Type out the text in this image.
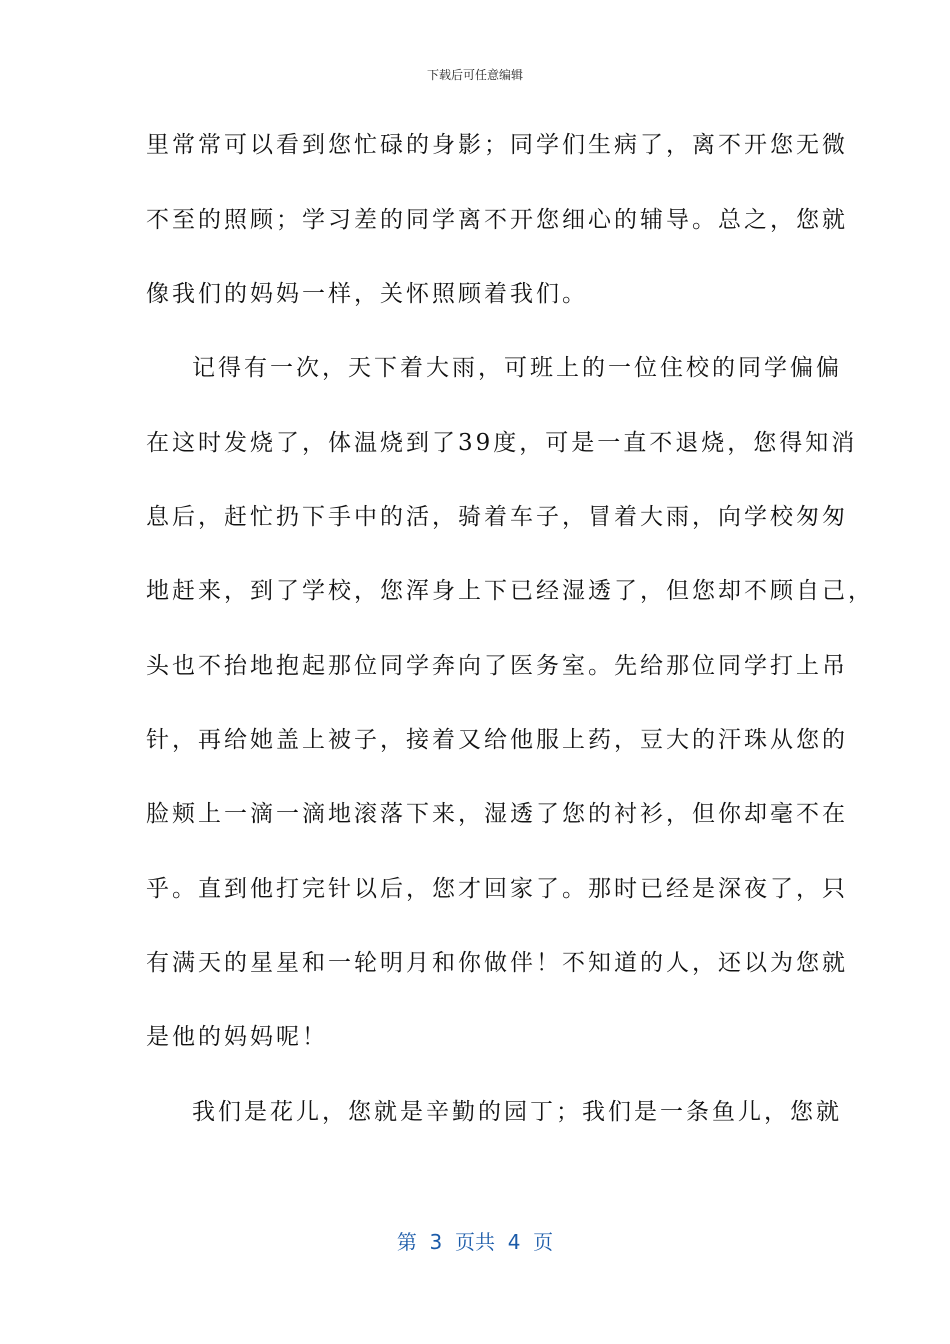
下载后可任意编辑
里常常可以看到您忙碌的身影；同学们生病了，离不开您无微
不至的照顾；学习差的同学离不开您细心的辅导。总之，您就
像我们的妈妈一样，关怀照顾着我们。
记得有一次，天下着大雨，可班上的一位住校的同学偏偏
在这时发烧了，体温烧到了39度，可是一直不退烧，您得知消
息后，赶忙扔下手中的活，骑着车子，冒着大雨，向学校匆匆
地赶来，到了学校，您浑身上下已经湿透了，但您却不顾自己，
头也不抬地抱起那位同学奔向了医务室。先给那位同学打上吊
针，再给她盖上被子，接着又给他服上药，豆大的汗珠从您的
脸颊上一滴一滴地滚落下来，湿透了您的衬衫，但你却毫不在
乎。直到他打完针以后，您才回家了。那时已经是深夜了，只
有满天的星星和一轮明月和你做伴！不知道的人，还以为您就
是他的妈妈呢！
我们是花儿，您就是辛勤的园丁；我们是一条鱼儿，您就
第  3  页共  4  页
